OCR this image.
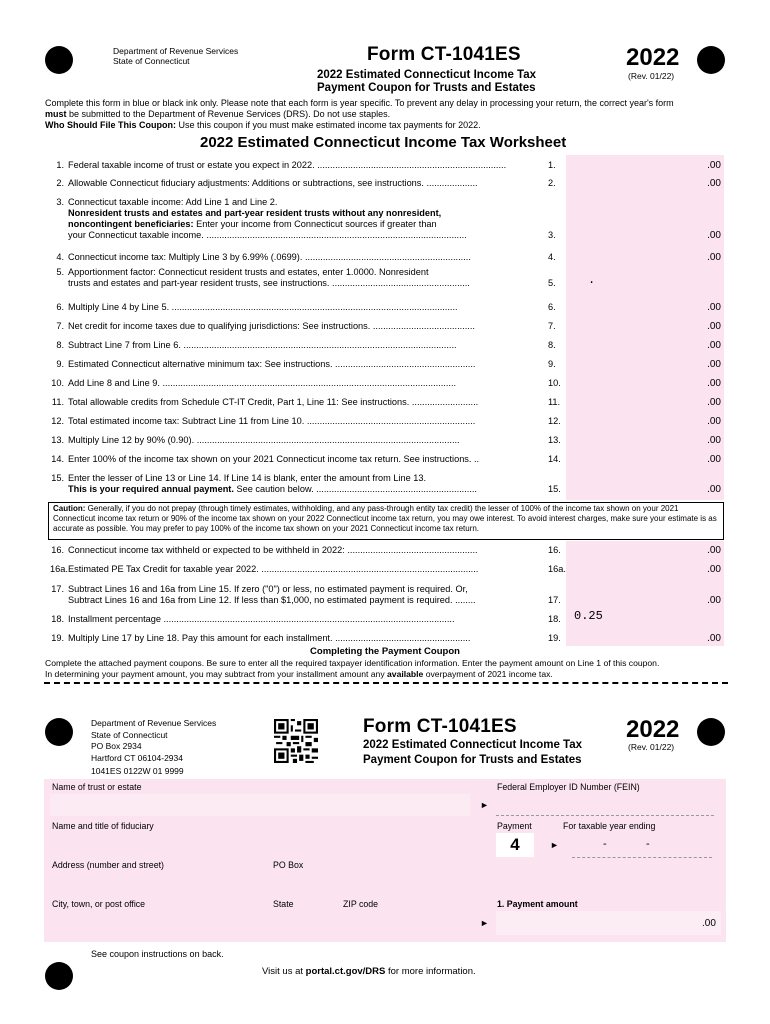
Department of Revenue Services
State of Connecticut	Form CT-1041ES	2022
(Rev. 01/22)
2022 Estimated Connecticut Income Tax
Payment Coupon for Trusts and Estates
Complete this form in blue or black ink only. Please note that each form is year specific. To prevent any delay in processing your return, the correct year's form
must be submitted to the Department of Revenue Services (DRS). Do not use staples.
Who Should File This Coupon: Use this coupon if you must make estimated income tax payments for 2022.
2022 Estimated Connecticut Income Tax Worksheet
1. Federal taxable income of trust or estate you expect in 2022. ..........................................................................	1.	.00
2. Allowable Connecticut fiduciary adjustments: Additions or subtractions, see instructions. ....................	2.	.00
3. Connecticut taxable income: Add Line 1 and Line 2.
Nonresident trusts and estates and part-year resident trusts without any nonresident,
noncontingent beneficiaries: Enter your income from Connecticut sources if greater than
your Connecticut taxable income. ......................................................................................................	3.	.00
4. Connecticut income tax: Multiply Line 3 by 6.99% (.0699). .................................................................	4.	.00
5. Apportionment factor: Connecticut resident trusts and estates, enter 1.0000. Nonresident
trusts and estates and part-year resident trusts, see instructions. ......................................................	5.	.
6. Multiply Line 4 by Line 5. ................................................................................................................	6.	.00
7. Net credit for income taxes due to qualifying jurisdictions: See instructions. ........................................	7.	.00
8. Subtract Line 7 from Line 6. ...........................................................................................................	8.	.00
9. Estimated Connecticut alternative minimum tax: See instructions. .......................................................	9.	.00
10. Add Line 8 and Line 9. ...................................................................................................................	10.	.00
11. Total allowable credits from Schedule CT-IT Credit, Part 1, Line 11: See instructions. ..........................	11.	.00
12. Total estimated income tax: Subtract Line 11 from Line 10. ..................................................................	12.	.00
13. Multiply Line 12 by 90% (0.90). .......................................................................................................	13.	.00
14. Enter 100% of the income tax shown on your 2021 Connecticut income tax return. See instructions. ..	14.	.00
15. Enter the lesser of Line 13 or Line 14. If Line 14 is blank, enter the amount from Line 13.
This is your required annual payment. See caution below. ...............................................................	15.	.00
16. Connecticut income tax withheld or expected to be withheld in 2022: ...................................................	16.	.00
16a. Estimated PE Tax Credit for taxable year 2022. .....................................................................................	16a.	.00
17. Subtract Lines 16 and 16a from Line 15. If zero ("0") or less, no estimated payment is required. Or,
Subtract Lines 16 and 16a from Line 12. If less than $1,000, no estimated payment is required. ........	17.	.00
18. Installment percentage ..................................................................................................................	18. 0.25
19. Multiply Line 17 by Line 18. Pay this amount for each installment. .....................................................	19.	.00
Caution: Generally, if you do not prepay (through timely estimates, withholding, and any pass-through entity tax credit) the lesser of 100% of the income tax shown on your 2021 Connecticut income tax return or 90% of the income tax shown on your 2022 Connecticut income tax return, you may owe interest. To avoid interest charges, make sure your estimate is as accurate as possible. You may prefer to pay 100% of the income tax shown on your 2021 Connecticut income tax return.
Completing the Payment Coupon
Complete the attached payment coupons. Be sure to enter all the required taxpayer identification information. Enter the payment amount on Line 1 of this coupon.
In determining your payment amount, you may subtract from your installment amount any available overpayment of 2021 income tax.
Department of Revenue Services
State of Connecticut
PO Box 2934
Hartford CT 06104-2934
1041ES 0122W 01 9999
Form CT-1041ES	2022
(Rev. 01/22)
2022 Estimated Connecticut Income Tax
Payment Coupon for Trusts and Estates
Name of trust or estate	Federal Employer ID Number (FEIN)
►
Name and title of fiduciary	Payment
4	►
For taxable year ending
-	-
Address (number and street)	PO Box
City, town, or post office	State	ZIP code	1. Payment amount
►	.00
See coupon instructions on back.
Visit us at portal.ct.gov/DRS for more information.
